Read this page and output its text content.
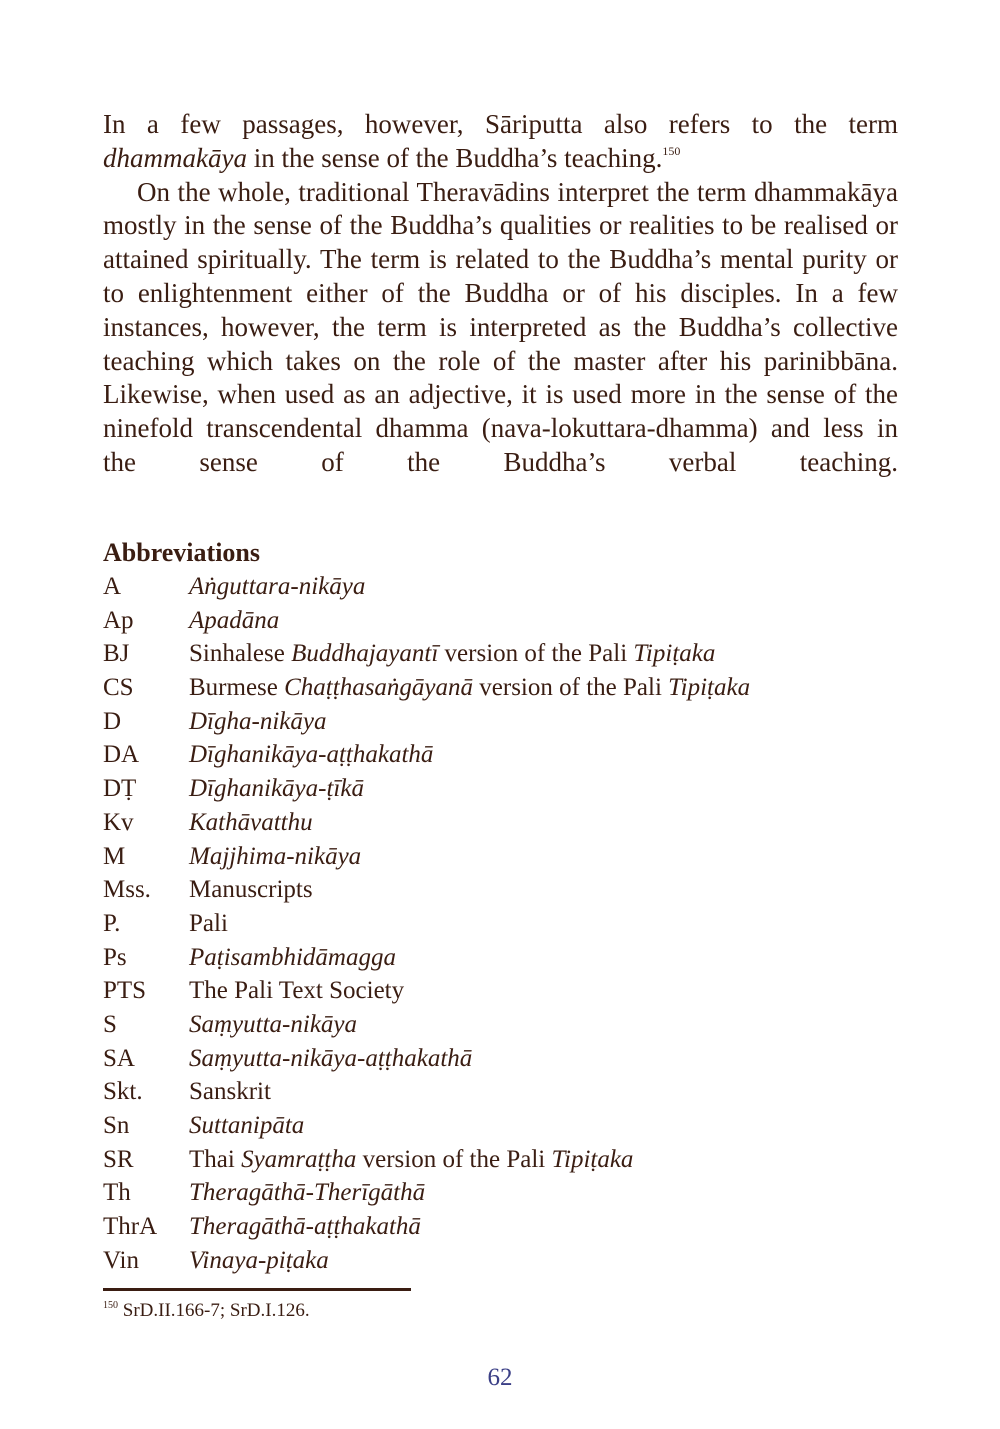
In a few passages, however, Sāriputta also refers to the term dhammakāya in the sense of the Buddha’s teaching.$^{150}$

On the whole, traditional Theravādins interpret the term dhammakāya mostly in the sense of the Buddha’s qualities or realities to be realised or attained spiritually. The term is related to the Buddha’s mental purity or to enlightenment either of the Buddha or of his disciples. In a few instances, however, the term is interpreted as the Buddha’s collective teaching which takes on the role of the master after his parinibbāna. Likewise, when used as an adjective, it is used more in the sense of the ninefold transcendental dhamma (nava-lokuttara-dhamma) and less in the sense of the Buddha’s verbal teaching.

Abbreviations
A	Aṅguttara-nikāya
Ap	Apadāna
BJ	Sinhalese Buddhajayantī version of the Pali Tipiṭaka
CS	Burmese Chaṭṭhasaṅgāyanā version of the Pali Tipiṭaka
D	Dīgha-nikāya
DA	Dīghanikāya-aṭṭhakathā
DṬ	Dīghanikāya-ṭīkā
Kv	Kathāvatthu
M	Majjhima-nikāya
Mss.	Manuscripts
P.	Pali
Ps	Paṭisambhidāmagga
PTS	The Pali Text Society
S	Saṃyutta-nikāya
SA	Saṃyutta-nikāya-aṭṭhakathā
Skt.	Sanskrit
Sn	Suttanipāta
SR	Thai Syamraṭṭha version of the Pali Tipiṭaka
Th	Theragāthā-Therīgāthā
ThrA	Theragāthā-aṭṭhakathā
Vin	Vinaya-piṭaka
$^{150}$ SrD.II.166-7; SrD.I.126.
62
